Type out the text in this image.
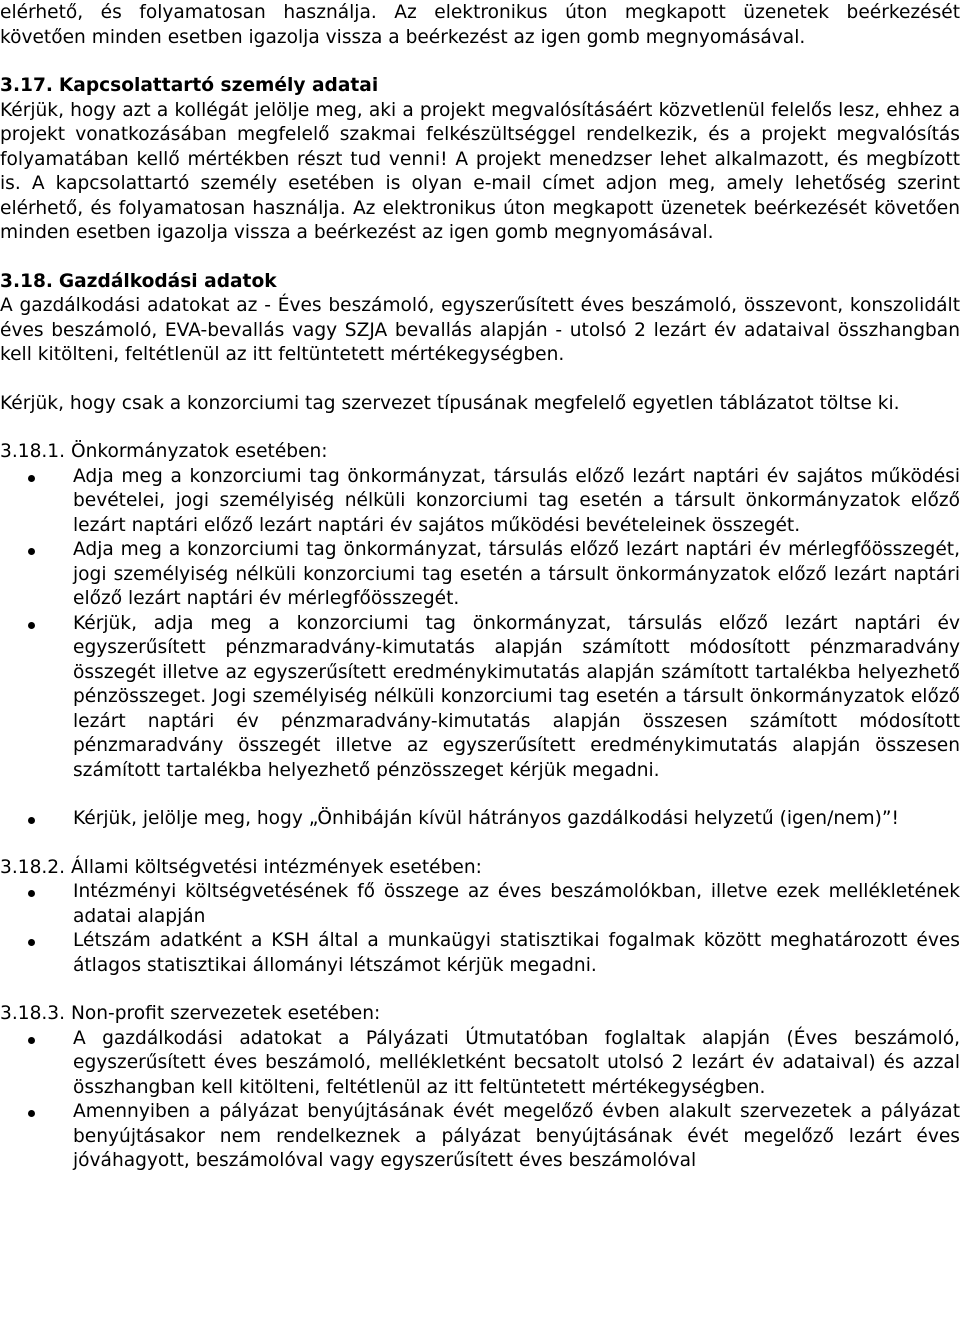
elérhető, és folyamatosan használja. Az elektronikus úton megkapott üzenetek beérkezését

követően minden esetben igazolja vissza a beérkezést az igen gomb megnyomásával.

3.17. Kapcsolattartó személy adatai

Kérjük, hogy azt a kollégát jelölje meg, aki a projekt megvalósításáért közvetlenül felelős lesz, ehhez a projekt vonatkozásában megfelelő szakmai felkészültséggel rendelkezik, és a projekt megvalósítás folyamatában kellő mértékben részt tud venni! A projekt menedzser lehet alkalmazott, és megbízott is. A kapcsolattartó személy esetében is olyan e-mail címet adjon meg, amely lehetőség szerint elérhető, és folyamatosan használja. Az elektronikus úton megkapott üzenetek beérkezését követően minden esetben igazolja vissza a beérkezést az igen gomb megnyomásával.

3.18. Gazdálkodási adatok

A gazdálkodási adatokat az - Éves beszámoló, egyszerűsített éves beszámoló, összevont, konszolidált éves beszámoló, EVA-bevallás vagy SZJA bevallás alapján - utolsó 2 lezárt év adataival összhangban kell kitölteni, feltétlenül az itt feltüntetett mértékegységben.

Kérjük, hogy csak a konzorciumi tag szervezet típusának megfelelő egyetlen táblázatot töltse ki.

3.18.1. Önkormányzatok esetében:

Adja meg a konzorciumi tag önkormányzat, társulás előző lezárt naptári év sajátos működési bevételei, jogi személyiség nélküli konzorciumi tag esetén a társult önkormányzatok előző lezárt naptári előző lezárt naptári év sajátos működési bevételeinek összegét.
Adja meg a konzorciumi tag önkormányzat, társulás előző lezárt naptári év mérlegfőösszegét, jogi személyiség nélküli konzorciumi tag esetén a társult önkormányzatok előző lezárt naptári előző lezárt naptári év mérlegfőösszegét.
Kérjük, adja meg a konzorciumi tag önkormányzat, társulás előző lezárt naptári év egyszerűsített pénzmaradvány-kimutatás alapján számított módosított pénzmaradvány összegét illetve az egyszerűsített eredménykimutatás alapján számított tartalékba helyezhető pénzösszeget. Jogi személyiség nélküli konzorciumi tag esetén a társult önkormányzatok előző lezárt naptári év pénzmaradvány-kimutatás alapján összesen számított módosított pénzmaradvány összegét illetve az egyszerűsített eredménykimutatás alapján összesen számított tartalékba helyezhető pénzösszeget kérjük megadni.
Kérjük, jelölje meg, hogy „Önhibáján kívül hátrányos gazdálkodási helyzetű (igen/nem)”!

3.18.2. Állami költségvetési intézmények esetében:

Intézményi költségvetésének fő összege az éves beszámolókban, illetve ezek mellékletének adatai alapján
Létszám adatként a KSH által a munkaügyi statisztikai fogalmak között meghatározott éves átlagos statisztikai állományi létszámot kérjük megadni.

3.18.3. Non-profit szervezetek esetében:

A gazdálkodási adatokat a Pályázati Útmutatóban foglaltak alapján (Éves beszámoló, egyszerűsített éves beszámoló, mellékletként becsatolt utolsó 2 lezárt év adataival) és azzal összhangban kell kitölteni, feltétlenül az itt feltüntetett mértékegységben.
Amennyiben a pályázat benyújtásának évét megelőző évben alakult szervezetek a pályázat benyújtásakor nem rendelkeznek a pályázat benyújtásának évét megelőző lezárt éves jóváhagyott, beszámolóval vagy egyszerűsített éves beszámolóval
